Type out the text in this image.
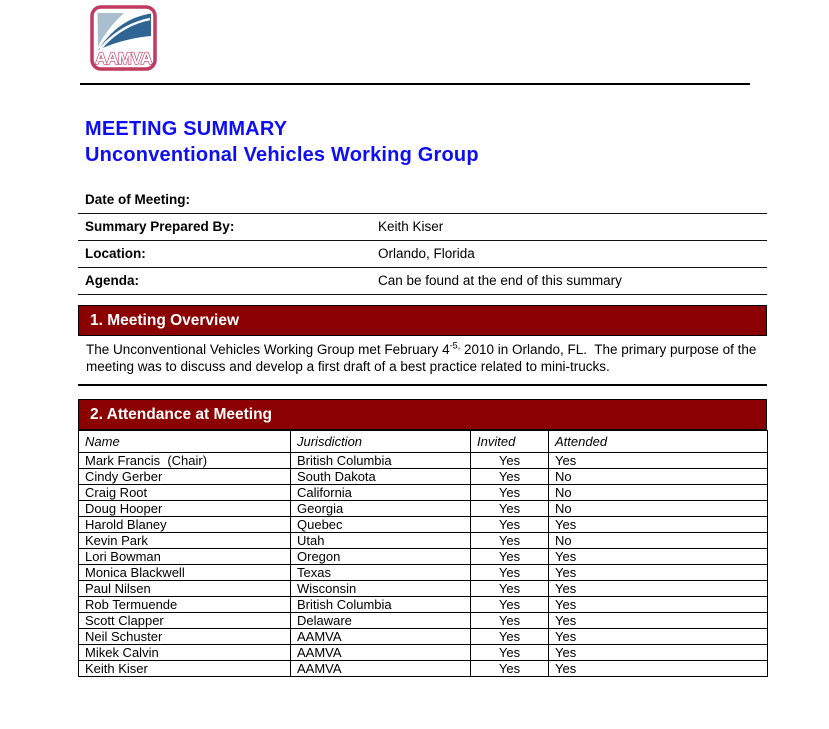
AAMVA
MEETING SUMMARY
Unconventional Vehicles Working Group
Date of Meeting:
Summary Prepared By:	Keith Kiser
Location:	Orlando, Florida
Agenda:	Can be found at the end of this summary
1. Meeting Overview
The Unconventional Vehicles Working Group met February $4^{-5,}$ 2010 in Orlando, FL.  The primary purpose of the meeting was to discuss and develop a first draft of a best practice related to mini-trucks.
2. Attendance at Meeting
Name	Jurisdiction	Invited	Attended
Mark Francis  (Chair)	British Columbia	Yes	Yes
Cindy Gerber	South Dakota	Yes	No
Craig Root	California	Yes	No
Doug Hooper	Georgia	Yes	No
Harold Blaney	Quebec	Yes	Yes
Kevin Park	Utah	Yes	No
Lori Bowman	Oregon	Yes	Yes
Monica Blackwell	Texas	Yes	Yes
Paul Nilsen	Wisconsin	Yes	Yes
Rob Termuende	British Columbia	Yes	Yes
Scott Clapper	Delaware	Yes	Yes
Neil Schuster	AAMVA	Yes	Yes
Mikek Calvin	AAMVA	Yes	Yes
Keith Kiser	AAMVA	Yes	Yes
